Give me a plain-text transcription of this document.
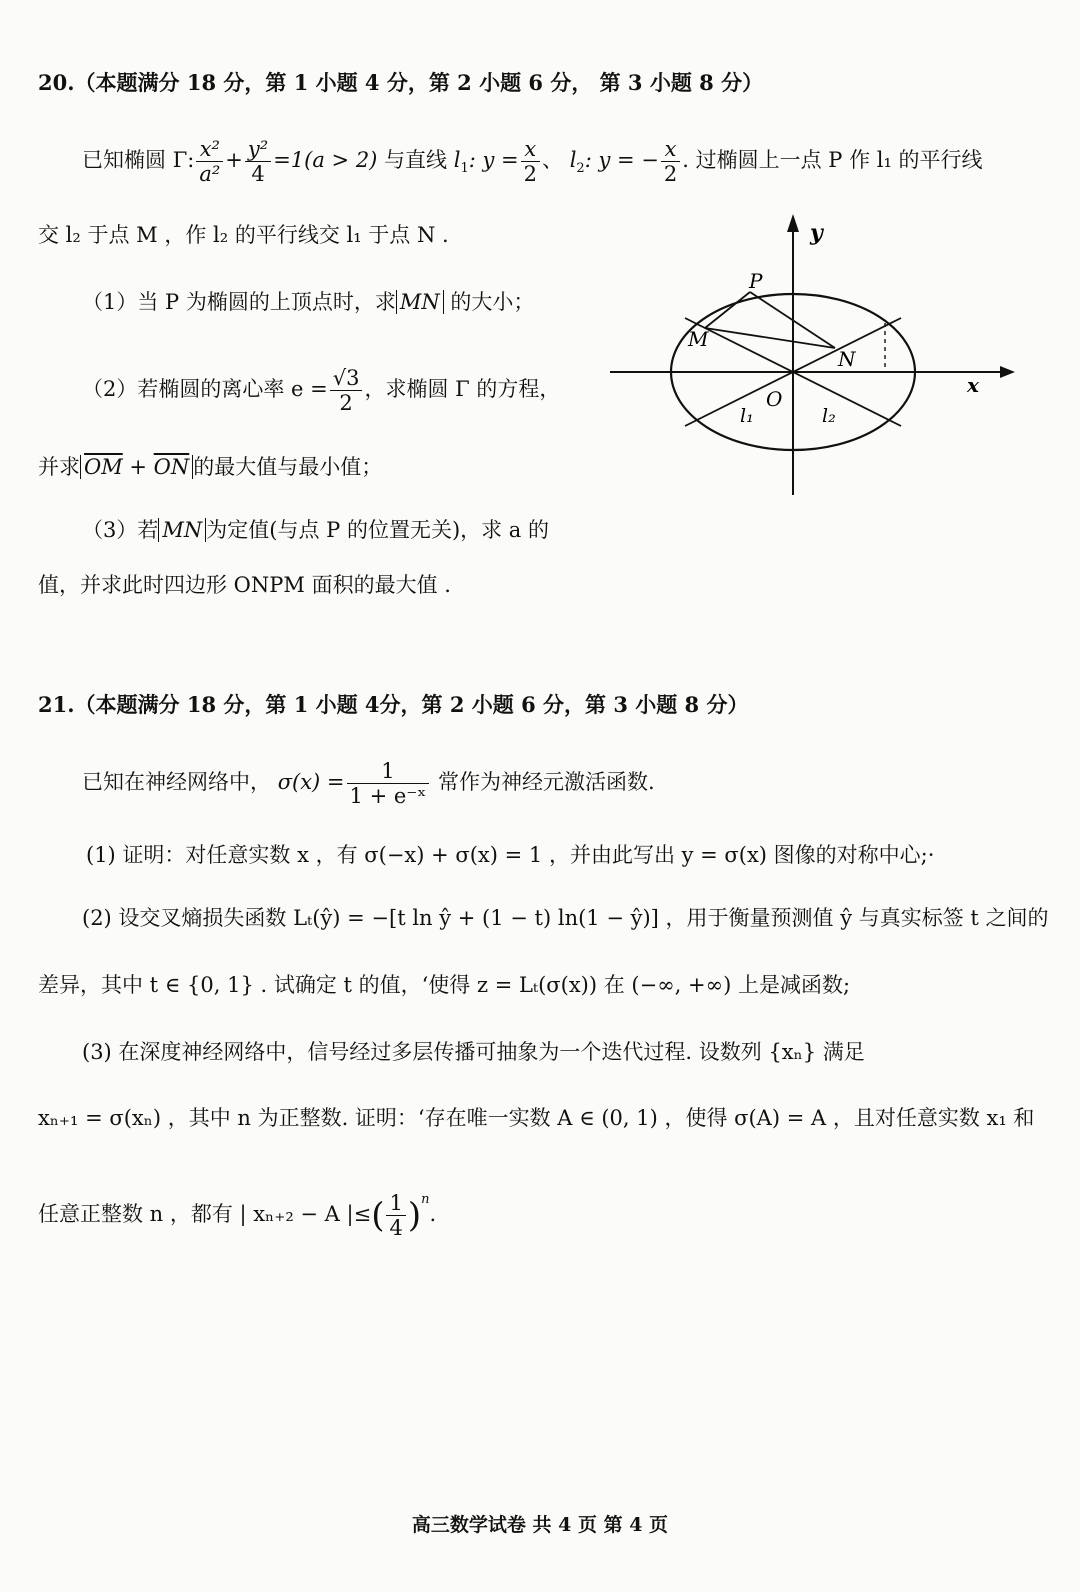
20.（本题满分 18 分，第 1 小题 4 分，第 2 小题 6 分， 第 3 小题 8 分）
已知椭圆 Γ: $\frac{\text{x²}}{\text{a²}} + \frac{\text{y²}}{4} =1(a > 2)$ 与直线 $l_1$: $y = \frac{x}{2}$ 、 $l_2$: y = − $\frac{x}{2}$ . 过椭圆上一点 P 作 l₁ 的平行线
交 l₂ 于点 M ，作 l₂ 的平行线交 l₁ 于点 N .
（1）当 P 为椭圆的上顶点时，求 MN 的大小；
（2）若椭圆的离心率 $e = \frac{√3}{2}$ ，求椭圆 Γ 的方程，
并求 $\overline{OM} + \overline{ON}$ 的最大值与最小值；
（3）若 MN 为定值(与点 P 的位置无关)，求 a 的
值，并求此时四边形 ONPM 面积的最大值 .
y
x
O
P
M
N
l₁	l₂
21.（本题满分 18 分，第 1 小题 4分，第 2 小题 6 分，第 3 小题 8 分）
已知在神经网络中， $\sigma(x) = \frac{1}{\text{1 + e⁻ˣ}}$ 常作为神经元激活函数.
(1) 证明：对任意实数 x ，有 σ(−x) + σ(x) = 1 ，并由此写出 y = σ(x) 图像的对称中心;·
(2) 设交叉熵损失函数 Lₜ(ŷ) = −[t ln ŷ + (1 − t) ln(1 − ŷ)] ，用于衡量预测值 ŷ 与真实标签 t 之间的
差异，其中 t ∈ {0, 1} . 试确定 t 的值，‘使得 z = Lₜ(σ(x)) 在 (−∞, +∞) 上是减函数;
(3) 在深度神经网络中，信号经过多层传播可抽象为一个迭代过程. 设数列 {xₙ} 满足
xₙ₊₁ = σ(xₙ) ，其中 n 为正整数. 证明：‘存在唯一实数 A ∈ (0, 1) ，使得 σ(A) = A ，且对任意实数 x₁ 和
任意正整数 n ，都有 | xₙ₊₂ − A |≤( $\frac{1}{4} )^n$.
高三数学试卷 共 4 页 第 4 页
